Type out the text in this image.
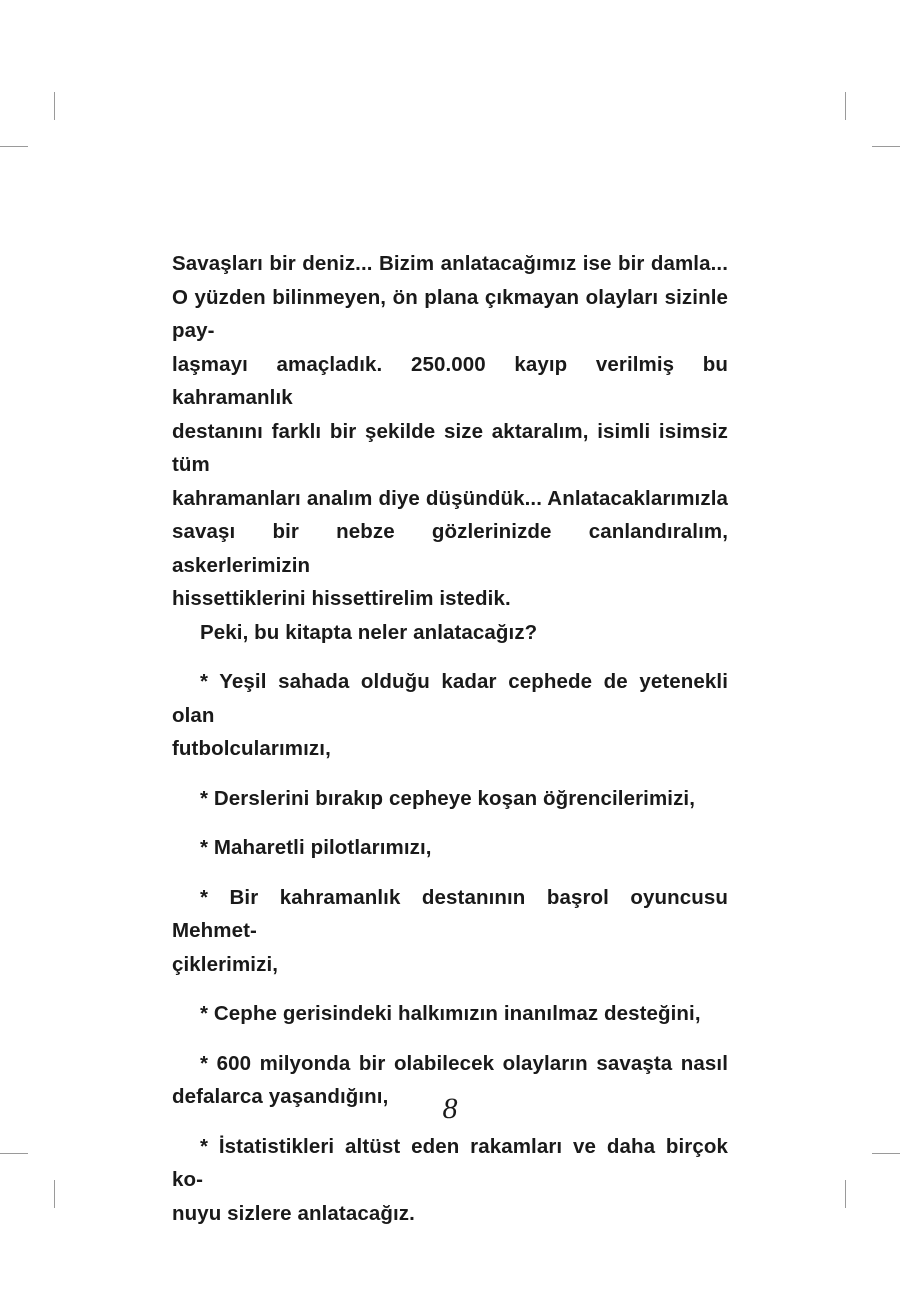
Savaşları bir deniz... Bizim anlatacağımız ise bir damla...
O yüzden bilinmeyen, ön plana çıkmayan olayları sizinle pay-
laşmayı amaçladık. 250.000 kayıp verilmiş bu kahramanlık
destanını farklı bir şekilde size aktaralım, isimli isimsiz tüm
kahramanları analım diye düşündük... Anlatacaklarımızla
savaşı bir nebze gözlerinizde canlandıralım, askerlerimizin
hissettiklerini hissettirelim istedik.

Peki, bu kitapta neler anlatacağız?

* Yeşil sahada olduğu kadar cephede de yetenekli olan
futbolcularımızı,

* Derslerini bırakıp cepheye koşan öğrencilerimizi,

* Maharetli pilotlarımızı,

* Bir kahramanlık destanının başrol oyuncusu Mehmet-
çiklerimizi,

* Cephe gerisindeki halkımızın inanılmaz desteğini,

* 600 milyonda bir olabilecek olayların savaşta nasıl
defalarca yaşandığını,

* İstatistikleri altüst eden rakamları ve daha birçok ko-
nuyu sizlere anlatacağız.

8
